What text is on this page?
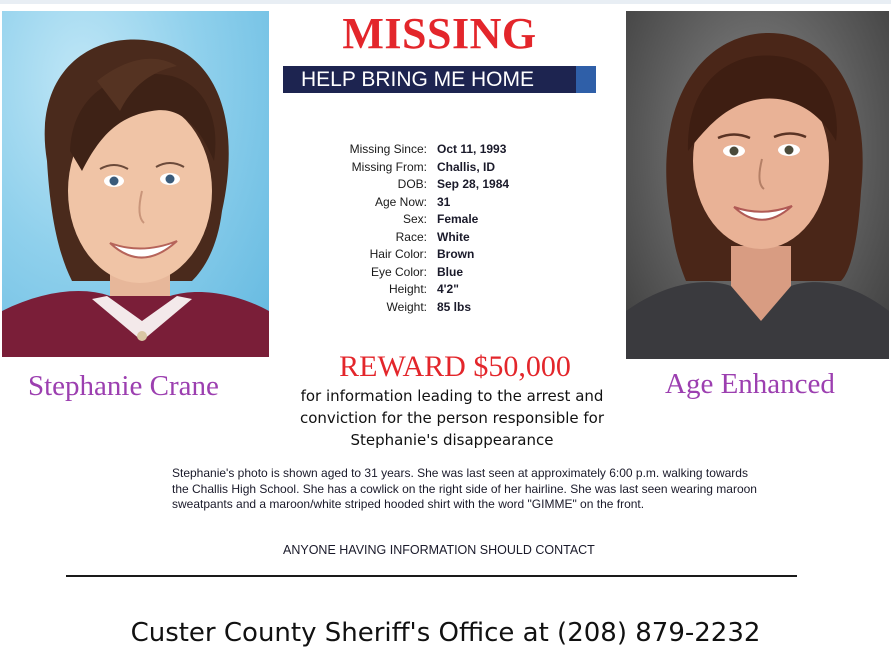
Stephanie Crane	Age Enhanced
MISSING
HELP BRING ME HOME
Missing Since: Oct 11, 1993
Missing From: Challis, ID
DOB: Sep 28, 1984
Age Now: 31
Sex: Female
Race: White
Hair Color: Brown
Eye Color: Blue
Height: 4'2"
Weight: 85 lbs
REWARD $50,000
for information leading to the arrest and
conviction for the person responsible for
Stephanie's disappearance
Stephanie's photo is shown aged to 31 years. She was last seen at approximately 6:00 p.m. walking towards the Challis High School. She has a cowlick on the right side of her hairline. She was last seen wearing maroon sweatpants and a maroon/white striped hooded shirt with the word "GIMME" on the front.
ANYONE HAVING INFORMATION SHOULD CONTACT
Custer County Sheriff's Office at (208) 879-2232
